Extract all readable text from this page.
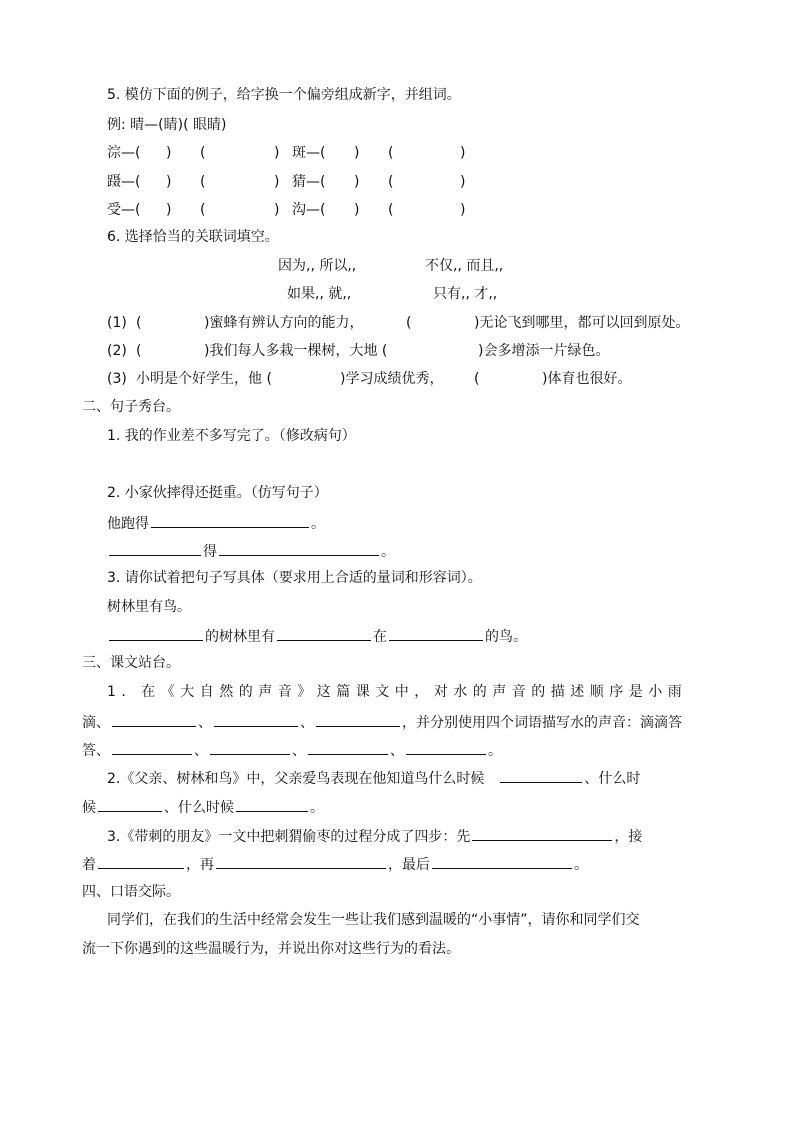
5. 模仿下面的例子，给字换一个偏旁组成新字，并组词。
例: 晴—(睛)( 眼睛)
淙—( ) (	) 斑—( ) (	)
蹑—( ) (	) 猜—( ) (	)
受—( ) (	) 沟—( ) (	)
6. 选择恰当的关联词填空。
因为,, 所以,,	不仅,, 而且,,
如果,, 就,,	只有,, 才,,
(1) (	)蜜蜂有辨认方向的能力，	(	)无论飞到哪里，都可以回到原处。
(2) (	)我们每人多栽一棵树，大地 (	)会多增添一片绿色。
(3) 小明是个好学生，他 (	)学习成绩优秀， (	)体育也很好。
二、句子秀台。
1. 我的作业差不多写完了。（修改病句）
2. 小家伙摔得还挺重。（仿写句子）
他跑得	。
得	。
3. 请你试着把句子写具体（要求用上合适的量词和形容词）。
树林里有鸟。
的树林里有	在	的鸟。
三、课文站台。
1. 在《大自然的声音》这篇课文中，对水的声音的描述顺序是小雨
滴、	、	、	，并分别使用四个词语描写水的声音：滴滴答
答、	、	、	、	。
2.《父亲、树林和鸟》中，父亲爱鸟表现在他知道鸟什么时候	、什么时
候	、什么时候	。
3.《带刺的朋友》一文中把刺猬偷枣的过程分成了四步：先	，接
着	，再	，最后	。
四、口语交际。
同学们，在我们的生活中经常会发生一些让我们感到温暖的“小事情”，请你和同学们交
流一下你遇到的这些温暖行为，并说出你对这些行为的看法。
